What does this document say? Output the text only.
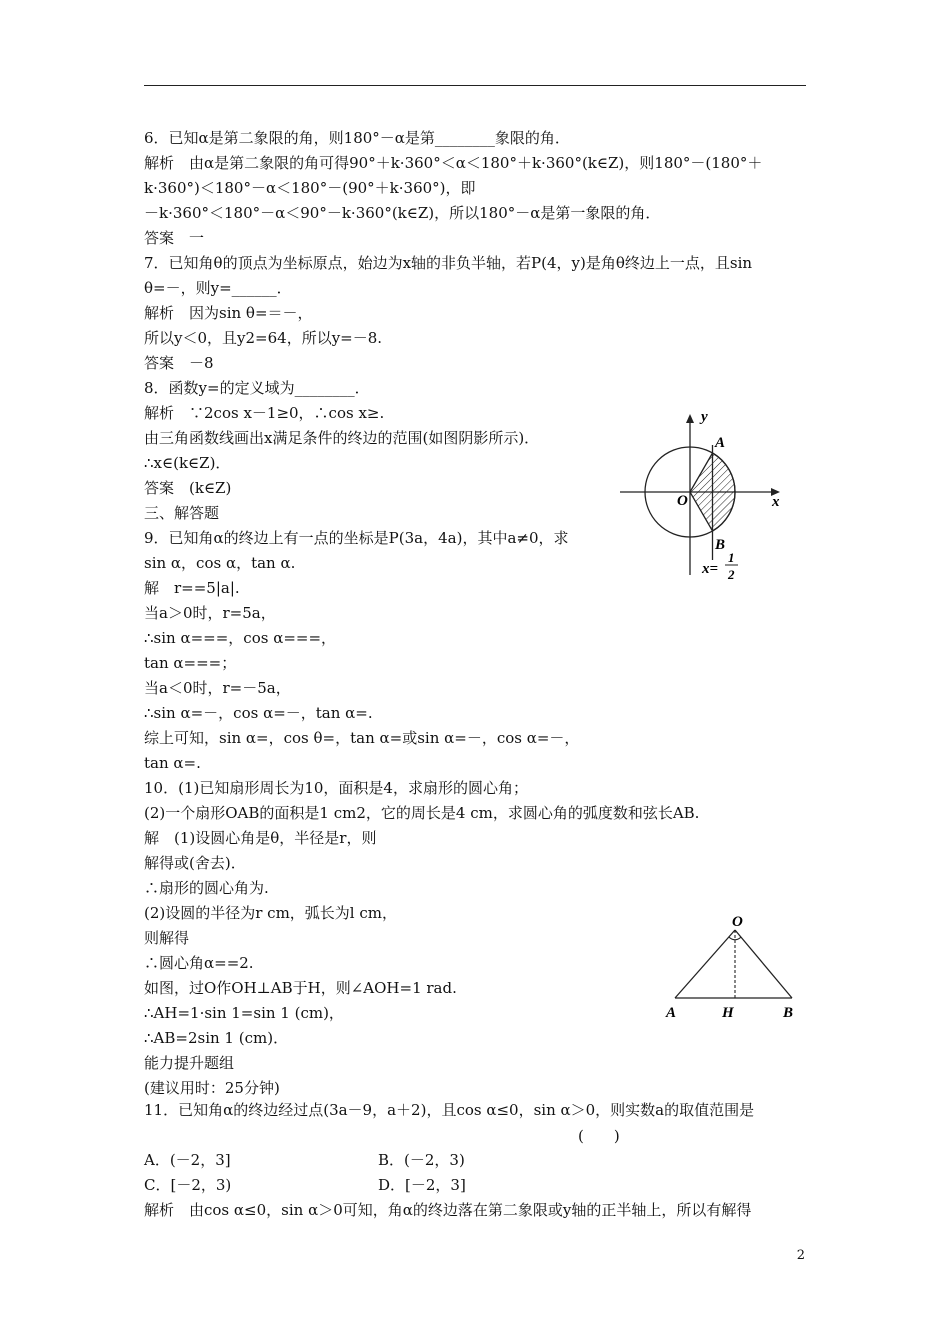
6．已知α是第二象限的角，则180°－α是第________象限的角．
解析　由α是第二象限的角可得90°＋k·360°＜α＜180°＋k·360°(k∈Z)，则180°－(180°＋
k·360°)＜180°－α＜180°－(90°＋k·360°)，即
－k·360°＜180°－α＜90°－k·360°(k∈Z)，所以180°－α是第一象限的角．
答案　一
7．已知角θ的顶点为坐标原点，始边为x轴的非负半轴，若P(4，y)是角θ终边上一点，且sin
θ=－，则y=______．
解析　因为sin θ=＝－，
所以y＜0，且y2=64，所以y=－8.
答案　－8
8．函数y=的定义域为________．
解析　∵2cos x－1≥0，∴cos x≥.
由三角函数线画出x满足条件的终边的范围(如图阴影所示)．
∴x∈(k∈Z)．
答案　(k∈Z)
三、解答题
9．已知角α的终边上有一点的坐标是P(3a，4a)，其中a≠0，求
sin α，cos α，tan α.
解　r==5|a|.
当a＞0时，r=5a，
∴sin α===，cos α===，
tan α===；
当a＜0时，r=－5a，
∴sin α=－，cos α=－，tan α=.
综上可知，sin α=，cos θ=，tan α=或sin α=－，cos α=－，
tan α=.
10．(1)已知扇形周长为10，面积是4，求扇形的圆心角；
(2)一个扇形OAB的面积是1 cm2，它的周长是4 cm，求圆心角的弧度数和弦长AB.
解　(1)设圆心角是θ，半径是r，则
解得或(舍去)．
∴扇形的圆心角为.
(2)设圆的半径为r cm，弧长为l cm，
则解得
∴圆心角α==2.
如图，过O作OH⊥AB于H，则∠AOH=1 rad.
∴AH=1·sin 1=sin 1 (cm)，
∴AB=2sin 1 (cm)．
能力提升题组
(建议用时：25分钟)
11．已知角α的终边经过点(3a－9，a＋2)，且cos α≤0，sin α＞0，则实数a的取值范围是
(　　)
A．(－2，3]	B．(－2，3)
C．[－2，3)	D．[－2，3]
解析　由cos α≤0，sin α＞0可知，角α的终边落在第二象限或y轴的正半轴上，所以有解得
y
A
x
O
B
x=
1
2
O
A	H	B
2
